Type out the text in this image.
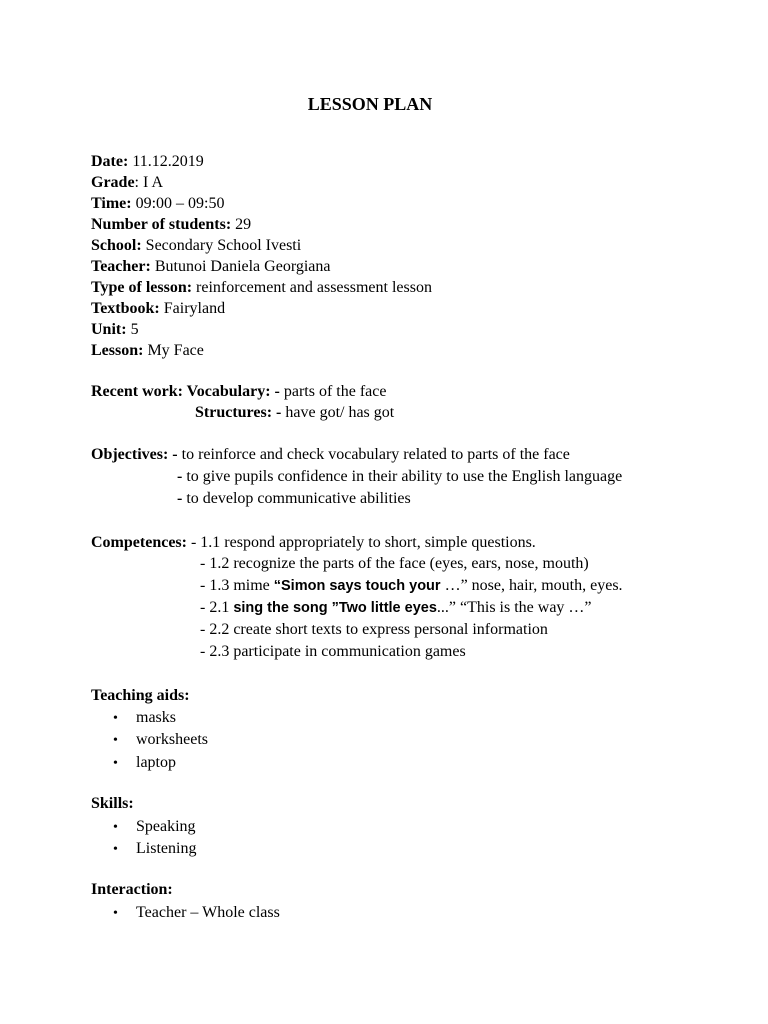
LESSON PLAN
Date: 11.12.2019
Grade: I A
Time: 09:00 – 09:50
Number of students: 29
School: Secondary School Ivesti
Teacher: Butunoi Daniela Georgiana
Type of lesson: reinforcement and assessment lesson
Textbook: Fairyland
Unit: 5
Lesson: My Face
Recent work: Vocabulary: - parts of the face
Structures: - have got/ has got
Objectives: - to reinforce and check vocabulary related to parts of the face
- to give pupils confidence in their ability to use the English language
- to develop communicative abilities
Competences: - 1.1 respond appropriately to short, simple questions.
- 1.2 recognize the parts of the face (eyes, ears, nose, mouth)
- 1.3 mime “Simon says touch your …” nose, hair, mouth, eyes.
- 2.1 sing the song ”Two little eyes...” “This is the way …”
- 2.2 create short texts to express personal information
- 2.3 participate in communication games
Teaching aids:
• masks
• worksheets
• laptop
Skills:
• Speaking
• Listening
Interaction:
• Teacher – Whole class
